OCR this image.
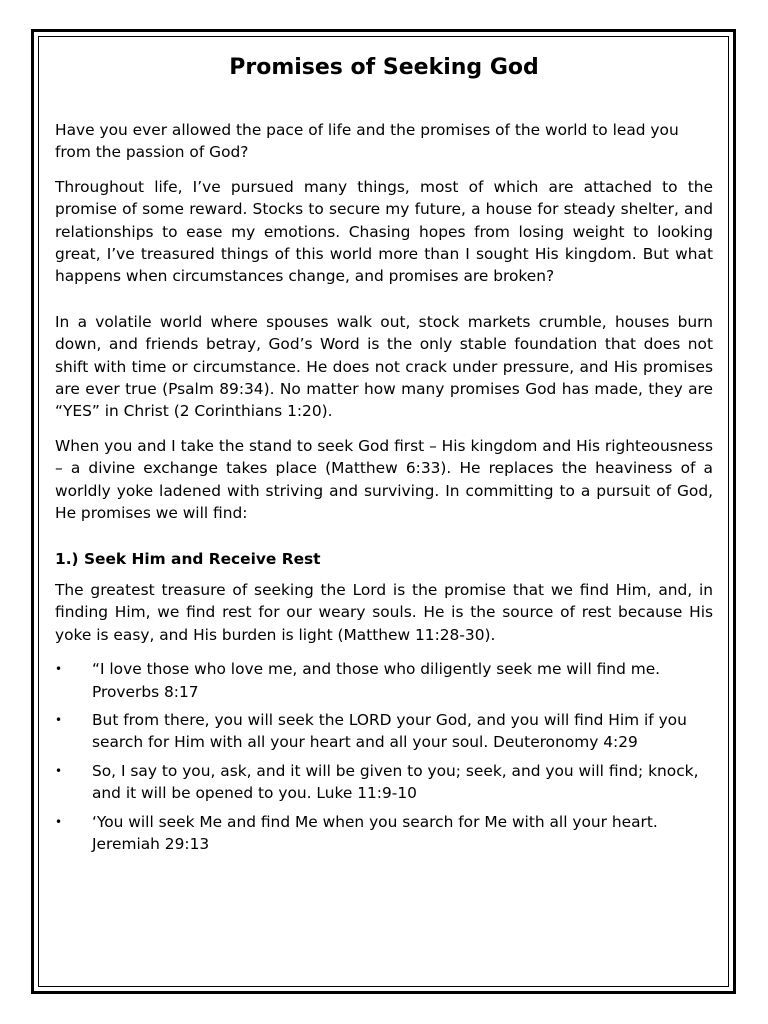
Promises of Seeking God

Have you ever allowed the pace of life and the promises of the world to lead you from the passion of God?

Throughout life, I’ve pursued many things, most of which are attached to the promise of some reward. Stocks to secure my future, a house for steady shelter, and relationships to ease my emotions. Chasing hopes from losing weight to looking great, I’ve treasured things of this world more than I sought His kingdom. But what happens when circumstances change, and promises are broken?

In a volatile world where spouses walk out, stock markets crumble, houses burn down, and friends betray, God’s Word is the only stable foundation that does not shift with time or circumstance. He does not crack under pressure, and His promises are ever true (Psalm 89:34). No matter how many promises God has made, they are “YES” in Christ (2 Corinthians 1:20).

When you and I take the stand to seek God first – His kingdom and His righteousness – a divine exchange takes place (Matthew 6:33). He replaces the heaviness of a worldly yoke ladened with striving and surviving. In committing to a pursuit of God, He promises we will find:

1.) Seek Him and Receive Rest

The greatest treasure of seeking the Lord is the promise that we find Him, and, in finding Him, we find rest for our weary souls. He is the source of rest because His yoke is easy, and His burden is light (Matthew 11:28-30).

• “I love those who love me, and those who diligently seek me will find me. Proverbs 8:17
• But from there, you will seek the LORD your God, and you will find Him if you search for Him with all your heart and all your soul. Deuteronomy 4:29
• So, I say to you, ask, and it will be given to you; seek, and you will find; knock, and it will be opened to you. Luke 11:9-10
• ‘You will seek Me and find Me when you search for Me with all your heart. Jeremiah 29:13
